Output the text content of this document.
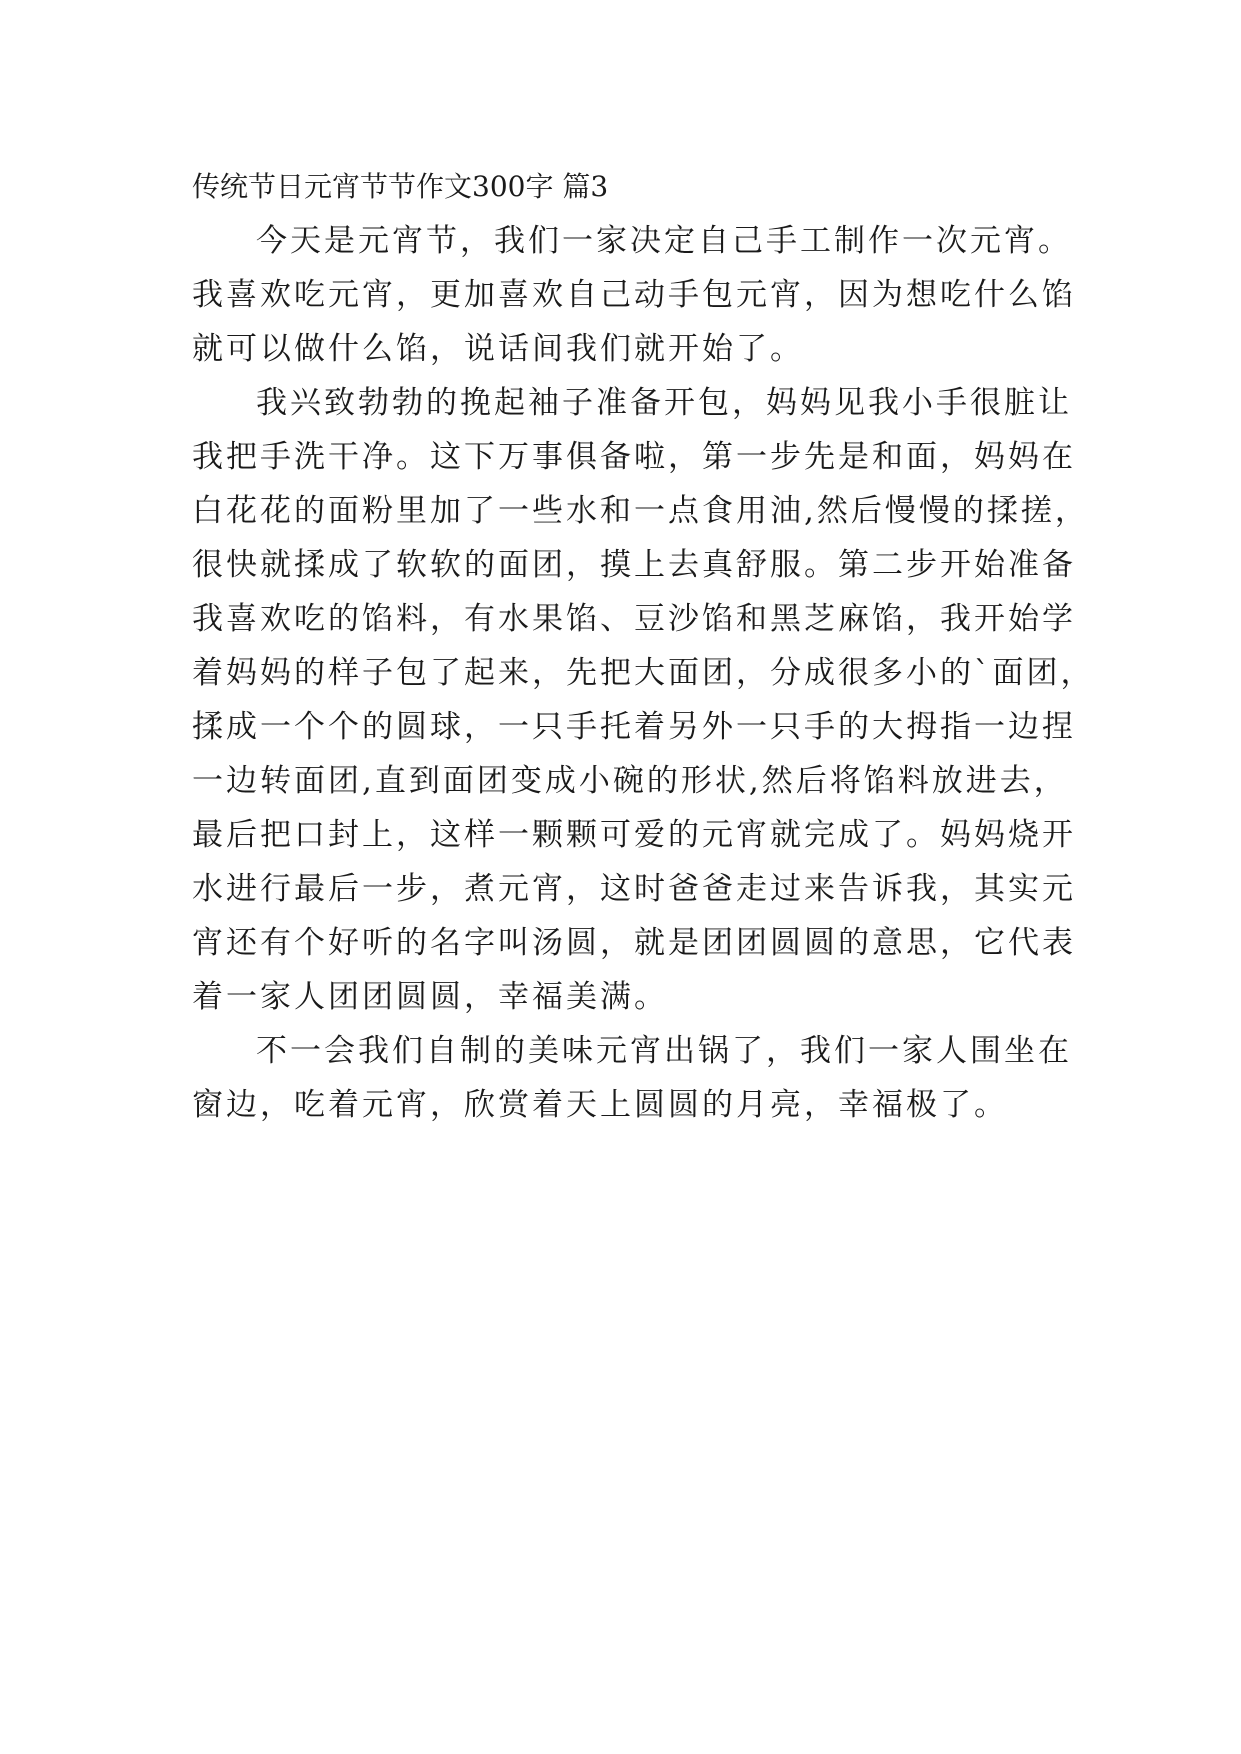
传统节日元宵节节作文300字 篇3

今天是元宵节，我们一家决定自己手工制作一次元宵。
我喜欢吃元宵，更加喜欢自己动手包元宵，因为想吃什么馅
就可以做什么馅，说话间我们就开始了。

我兴致勃勃的挽起袖子准备开包，妈妈见我小手很脏让
我把手洗干净。这下万事俱备啦，第一步先是和面，妈妈在
白花花的面粉里加了一些水和一点食用油,然后慢慢的揉搓，
很快就揉成了软软的面团，摸上去真舒服。第二步开始准备
我喜欢吃的馅料，有水果馅、豆沙馅和黑芝麻馅，我开始学
着妈妈的样子包了起来，先把大面团，分成很多小的`面团，
揉成一个个的圆球，一只手托着另外一只手的大拇指一边捏
一边转面团,直到面团变成小碗的形状,然后将馅料放进去，
最后把口封上，这样一颗颗可爱的元宵就完成了。妈妈烧开
水进行最后一步，煮元宵，这时爸爸走过来告诉我，其实元
宵还有个好听的名字叫汤圆，就是团团圆圆的意思，它代表
着一家人团团圆圆，幸福美满。

不一会我们自制的美味元宵出锅了，我们一家人围坐在
窗边，吃着元宵，欣赏着天上圆圆的月亮，幸福极了。
